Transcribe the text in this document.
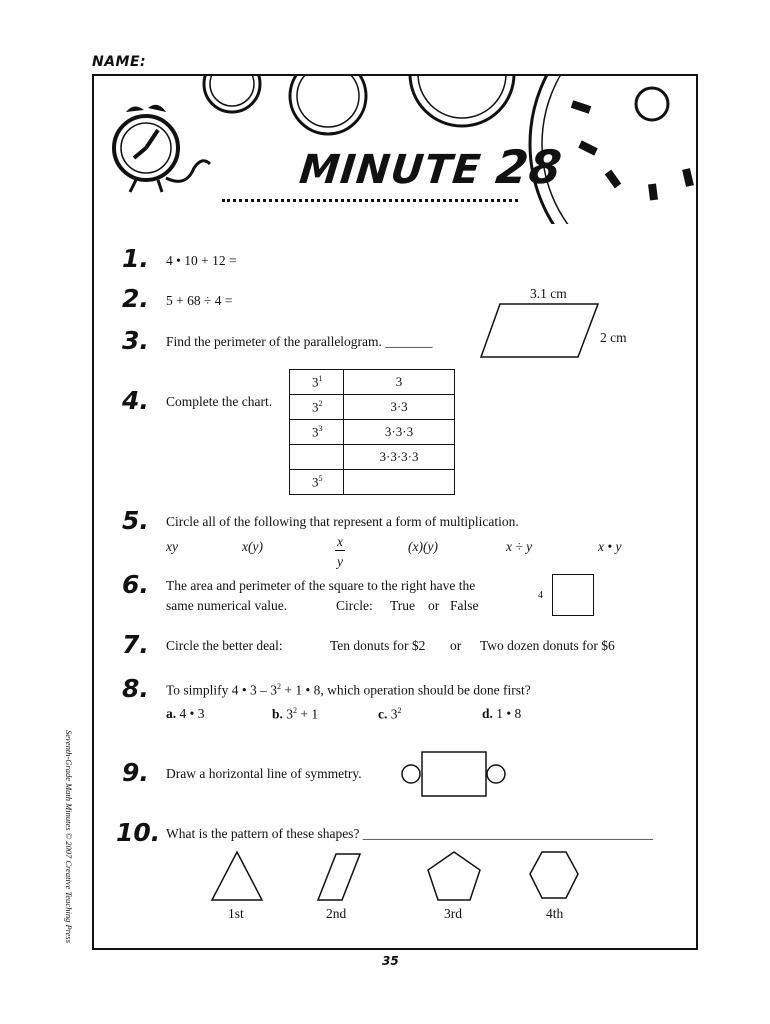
NAME:
MINUTE 28
Seventh-Grade Math Minutes © 2007 Creative Teaching Press
1. 4 • 10 + 12 =
2. 5 + 68 ÷ 4 =
3. Find the perimeter of the parallelogram. _______
3.1 cm
2 cm
4. Complete the chart.
$3^1$	3
$3^2$	3·3
$3^3$	3·3·3
	3·3·3·3
$3^5$	
5. Circle all of the following that represent a form of multiplication.
xy	x(y)	x
y
(x)(y)	x ÷ y	x • y
6. The area and perimeter of the square to the right have the
same numerical value.	Circle: True or False
4
7. Circle the better deal:	Ten donuts for $2 or Two dozen donuts for $6
8. To simplify 4 • $3 - 3^2 + 1$ • 8, which operation should be done first?
a. 4 • 3	b. $3^2 + 1$	c. $3^2$	d. 1 • 8
9. Draw a horizontal line of symmetry.
10. What is the pattern of these shapes? ___________________________________________
1st	2nd	3rd	4th
35
